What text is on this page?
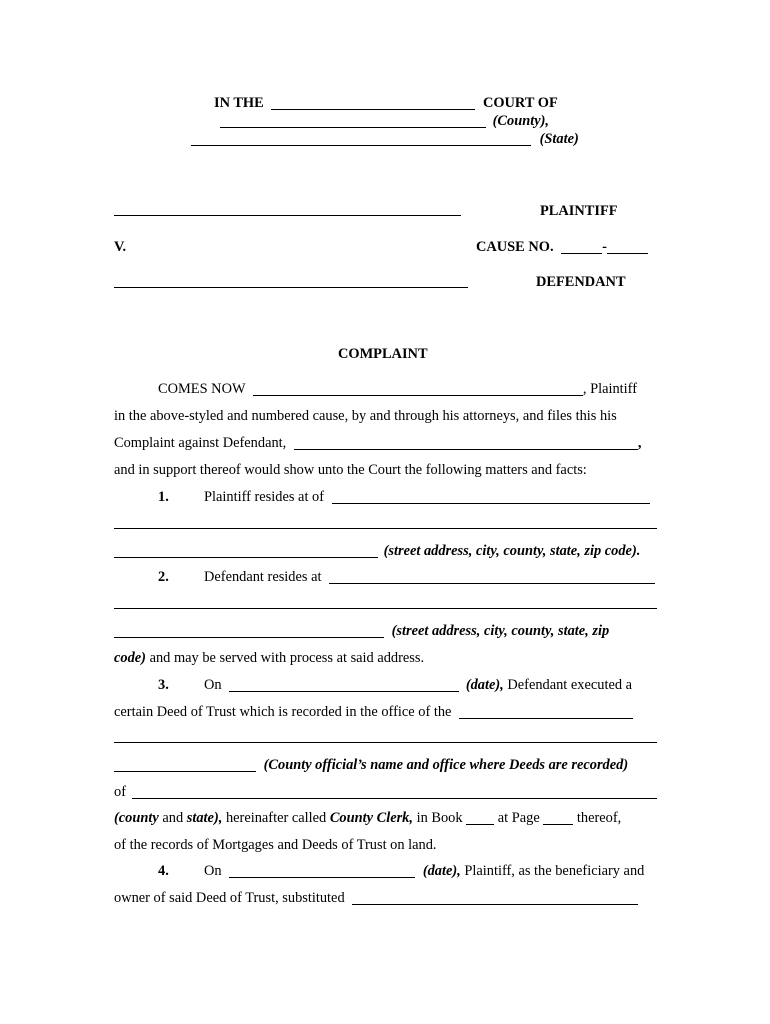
IN THE	COURT OF
(County),
(State)
PLAINTIFF
V.	CAUSE NO.	-
DEFENDANT
COMPLAINT
COMES NOW	, Plaintiff
in the above-styled and numbered cause, by and through his attorneys, and files this his
Complaint against Defendant,	,
and in support thereof would show unto the Court the following matters and facts:
1. Plaintiff resides at of
(street address, city, county, state, zip code).
2. Defendant resides at
(street address, city, county, state, zip
code) and may be served with process at said address.
3. On	(date), Defendant executed a
certain Deed of Trust which is recorded in the office of the
(County official’s name and office where Deeds are recorded)
of
(county and state), hereinafter called County Clerk, in Book   at Page   thereof,
of the records of Mortgages and Deeds of Trust on land.
4. On	(date), Plaintiff, as the beneficiary and
owner of said Deed of Trust, substituted
